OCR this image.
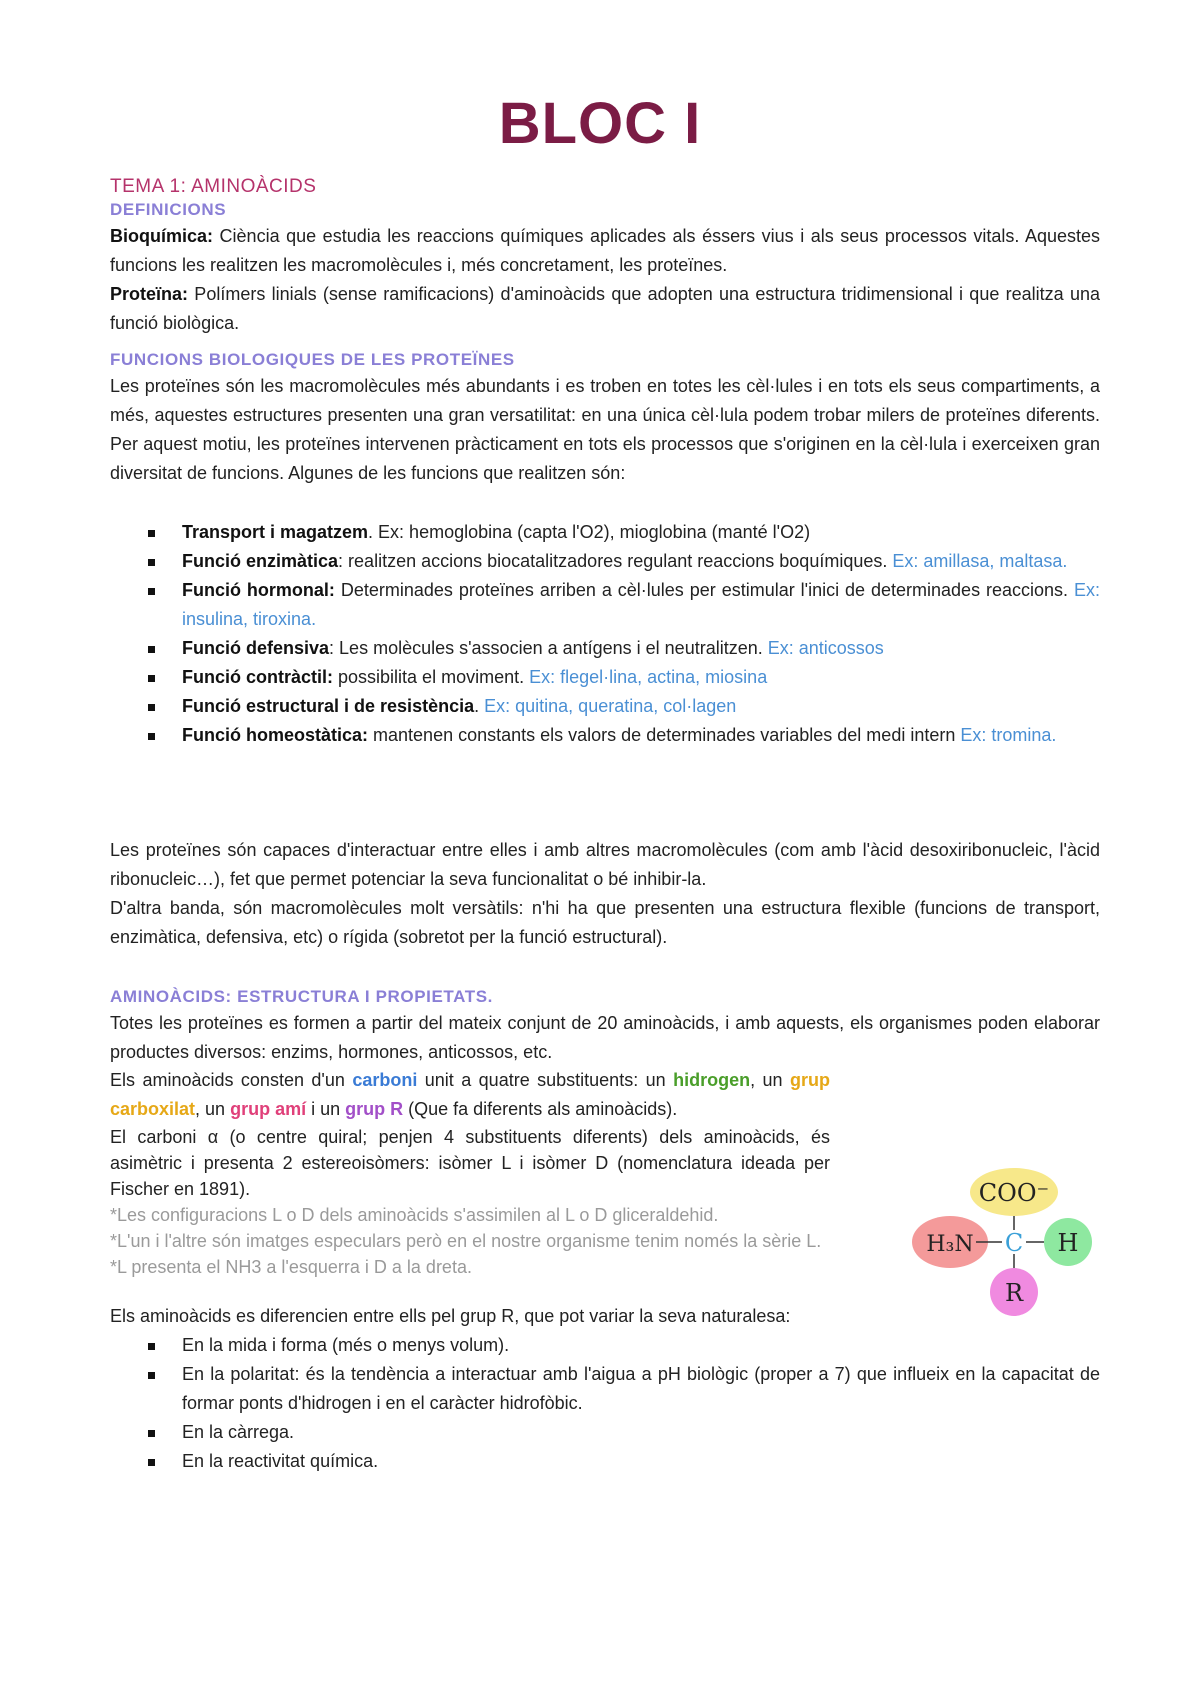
BLOC I
TEMA 1: AMINOÀCIDS
DEFINICIONS

Bioquímica: Ciència que estudia les reaccions químiques aplicades als éssers vius i als seus processos vitals. Aquestes funcions les realitzen les macromolècules i, més concretament, les proteïnes.

Proteïna: Polímers linials (sense ramificacions) d'aminoàcids que adopten una estructura tridimensional i que realitza una funció biològica.

FUNCIONS BIOLOGIQUES DE LES PROTEÏNES

Les proteïnes són les macromolècules més abundants i es troben en totes les cèl·lules i en tots els seus compartiments, a més, aquestes estructures presenten una gran versatilitat: en una única cèl·lula podem trobar milers de proteïnes diferents. Per aquest motiu, les proteïnes intervenen pràcticament en tots els processos que s'originen en la cèl·lula i exerceixen gran diversitat de funcions. Algunes de les funcions que realitzen són:

Transport i magatzem. Ex: hemoglobina (capta l'O2), mioglobina (manté l'O2)
Funció enzimàtica: realitzen accions biocatalitzadores regulant reaccions boquímiques. Ex: amillasa, maltasa.
Funció hormonal: Determinades proteïnes arriben a cèl·lules per estimular l'inici de determinades reaccions. Ex: insulina, tiroxina.
Funció defensiva: Les molècules s'associen a antígens i el neutralitzen. Ex: anticossos
Funció contràctil: possibilita el moviment. Ex: flegel·lina, actina, miosina
Funció estructural i de resistència. Ex: quitina, queratina, col·lagen
Funció homeostàtica: mantenen constants els valors de determinades variables del medi intern Ex: tromina.

Les proteïnes són capaces d'interactuar entre elles i amb altres macromolècules (com amb l'àcid desoxiribonucleic, l'àcid ribonucleic…), fet que permet potenciar la seva funcionalitat o bé inhibir-la.

D'altra banda, són macromolècules molt versàtils: n'hi ha que presenten una estructura flexible (funcions de transport, enzimàtica, defensiva, etc) o rígida (sobretot per la funció estructural).

AMINOÀCIDS: ESTRUCTURA I PROPIETATS.

Totes les proteïnes es formen a partir del mateix conjunt de 20 aminoàcids, i amb aquests, els organismes poden elaborar productes diversos: enzims, hormones, anticossos, etc.

Els aminoàcids consten d'un carboni unit a quatre substituents: un hidrogen, un grup carboxilat, un grup amí i un grup R (Que fa diferents als aminoàcids).

El carboni α (o centre quiral; penjen 4 substituents diferents) dels aminoàcids, és asimètric i presenta 2 estereoisòmers: isòmer L i isòmer D (nomenclatura ideada per Fischer en 1891).

*Les configuracions L o D dels aminoàcids s'assimilen al L o D gliceraldehid.

*L'un i l'altre són imatges especulars però en el nostre organisme tenim només la sèrie L.

*L presenta el NH3 a l'esquerra i D a la dreta.

Els aminoàcids es diferencien entre ells pel grup R, que pot variar la seva naturalesa:

En la mida i forma (més o menys volum).
En la polaritat: és la tendència a interactuar amb l'aigua a pH biològic (proper a 7) que influeix en la capacitat de formar ponts d'hidrogen i en el caràcter hidrofòbic.
En la càrrega.
En la reactivitat química.
COO⁻
H₃N C H
R
